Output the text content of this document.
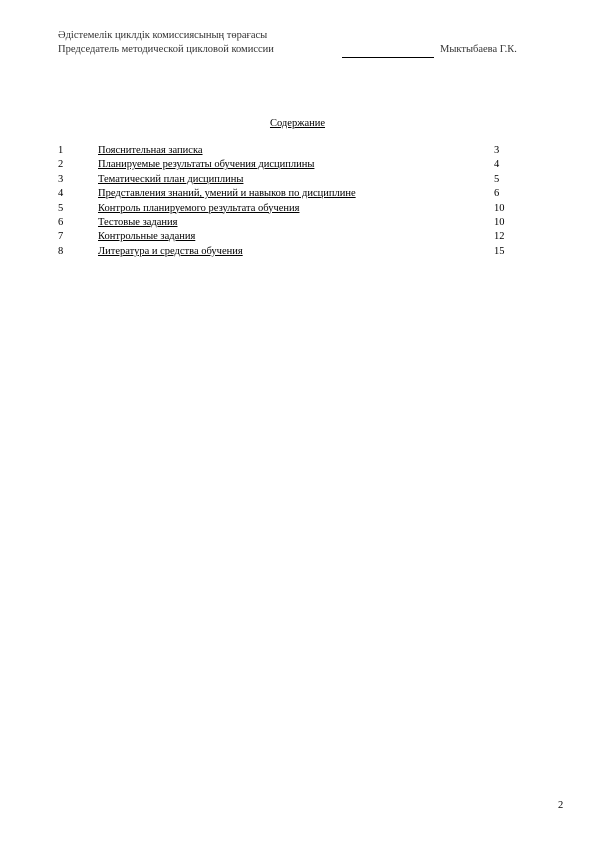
Әдістемелік циклдік комиссиясының төрағасы
Председатель методической цикловой комиссии	Мыктыбаева Г.К.
Содержание
1	Пояснительная записка	3
2	Планируемые результаты обучения дисциплины	4
3	Тематический план дисциплины	5
4	Представления знаний, умений и навыков по дисциплине	6
5	Контроль планируемого результата обучения	10
6	Тестовые задания	10
7	Контрольные задания	12
8	Литература и средства обучения	15
2
